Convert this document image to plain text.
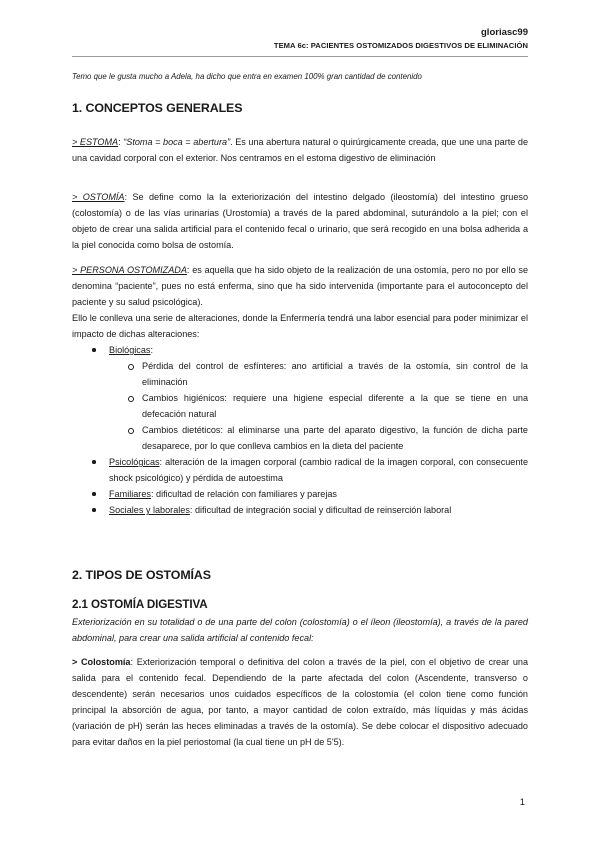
gloriasc99
TEMA 6c: PACIENTES OSTOMIZADOS DIGESTIVOS DE ELIMINACIÓN
Temo que le gusta mucho a Adela, ha dicho que entra en examen 100% gran cantidad de contenido
1. CONCEPTOS GENERALES

> ESTOMA: “Stoma = boca = abertura”. Es una abertura natural o quirúrgicamente creada, que une una parte de una cavidad corporal con el exterior. Nos centramos en el estoma digestivo de eliminación

> OSTOMÍA: Se define como la la exteriorización del intestino delgado (ileostomía) del intestino grueso (colostomía) o de las vías urinarias (Urostomía) a través de la pared abdominal, suturándolo a la piel; con el objeto de crear una salida artificial para el contenido fecal o urinario, que será recogido en una bolsa adherida a la piel conocida como bolsa de ostomía.

> PERSONA OSTOMIZADA: es aquella que ha sido objeto de la realización de una ostomía, pero no por ello se denomina “paciente”, pues no está enferma, sino que ha sido intervenida (importante para el autoconcepto del paciente y su salud psicológica).

Ello le conlleva una serie de alteraciones, donde la Enfermería tendrá una labor esencial para poder minimizar el impacto de dichas alteraciones:

Biológicas:
Pérdida del control de esfínteres: ano artificial a través de la ostomía, sin control de la eliminación
Cambios higiénicos: requiere una higiene especial diferente a la que se tiene en una defecación natural
Cambios dietéticos: al eliminarse una parte del aparato digestivo, la función de dicha parte desaparece, por lo que conlleva cambios en la dieta del paciente
Psicológicas: alteración de la imagen corporal (cambio radical de la imagen corporal, con consecuente shock psicológico) y pérdida de autoestima
Familiares: dificultad de relación con familiares y parejas
Sociales y laborales: dificultad de integración social y dificultad de reinserción laboral
2. TIPOS DE OSTOMÍAS
2.1 OSTOMÍA DIGESTIVA

Exteriorización en su totalidad o de una parte del colon (colostomía) o el íleon (ileostomía), a través de la pared abdominal, para crear una salida artificial al contenido fecal:

> Colostomía: Exteriorización temporal o definitiva del colon a través de la piel, con el objetivo de crear una salida para el contenido fecal. Dependiendo de la parte afectada del colon (Ascendente, transverso o descendente) serán necesarios unos cuidados específicos de la colostomía (el colon tiene como función principal la absorción de agua, por tanto, a mayor cantidad de colon extraído, más líquidas y más ácidas (variación de pH) serán las heces eliminadas a través de la ostomía). Se debe colocar el dispositivo adecuado para evitar daños en la piel periostomal (la cual tiene un pH de 5'5).

1
